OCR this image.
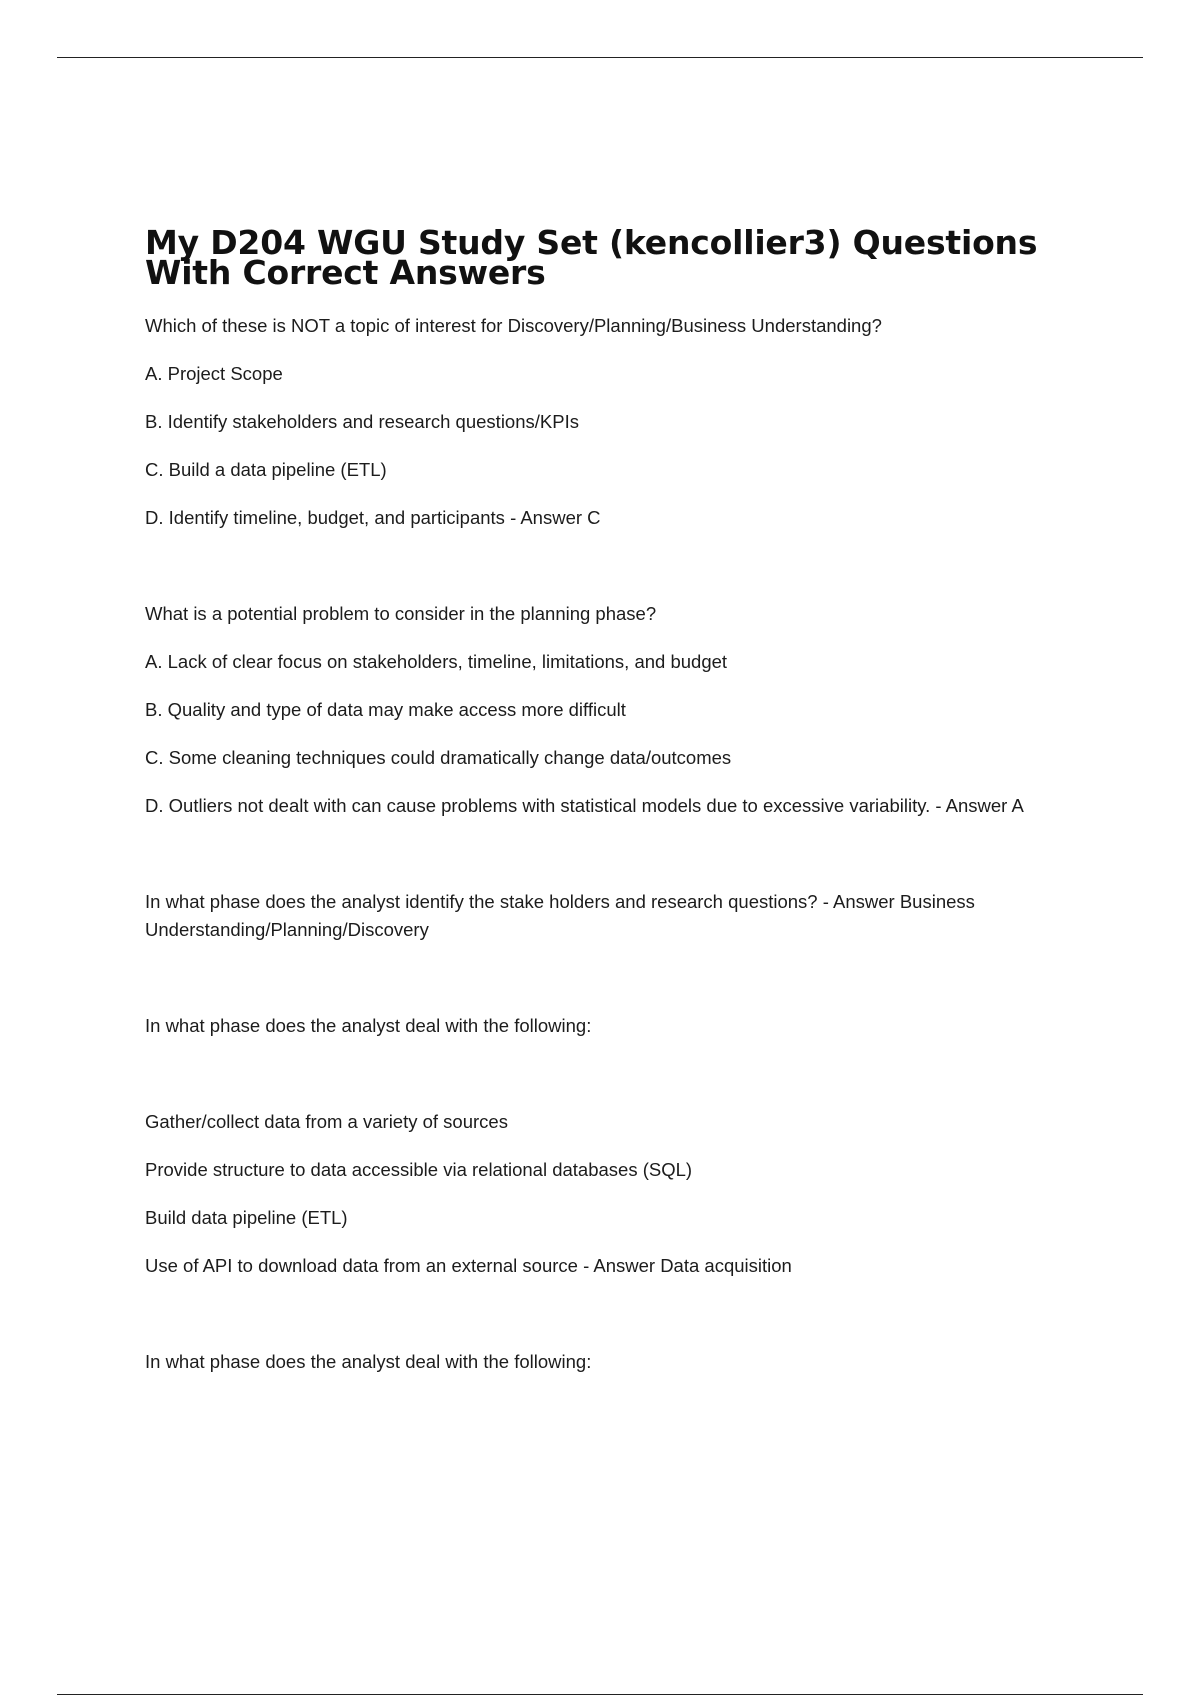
My D204 WGU Study Set (kencollier3) Questions With Correct Answers

Which of these is NOT a topic of interest for Discovery/Planning/Business Understanding?

A. Project Scope

B. Identify stakeholders and research questions/KPIs

C. Build a data pipeline (ETL)

D. Identify timeline, budget, and participants - Answer C

What is a potential problem to consider in the planning phase?

A. Lack of clear focus on stakeholders, timeline, limitations, and budget

B. Quality and type of data may make access more difficult

C. Some cleaning techniques could dramatically change data/outcomes

D. Outliers not dealt with can cause problems with statistical models due to excessive variability. - Answer A

In what phase does the analyst identify the stake holders and research questions? - Answer Business Understanding/Planning/Discovery

In what phase does the analyst deal with the following:

Gather/collect data from a variety of sources

Provide structure to data accessible via relational databases (SQL)

Build data pipeline (ETL)

Use of API to download data from an external source - Answer Data acquisition

In what phase does the analyst deal with the following:
